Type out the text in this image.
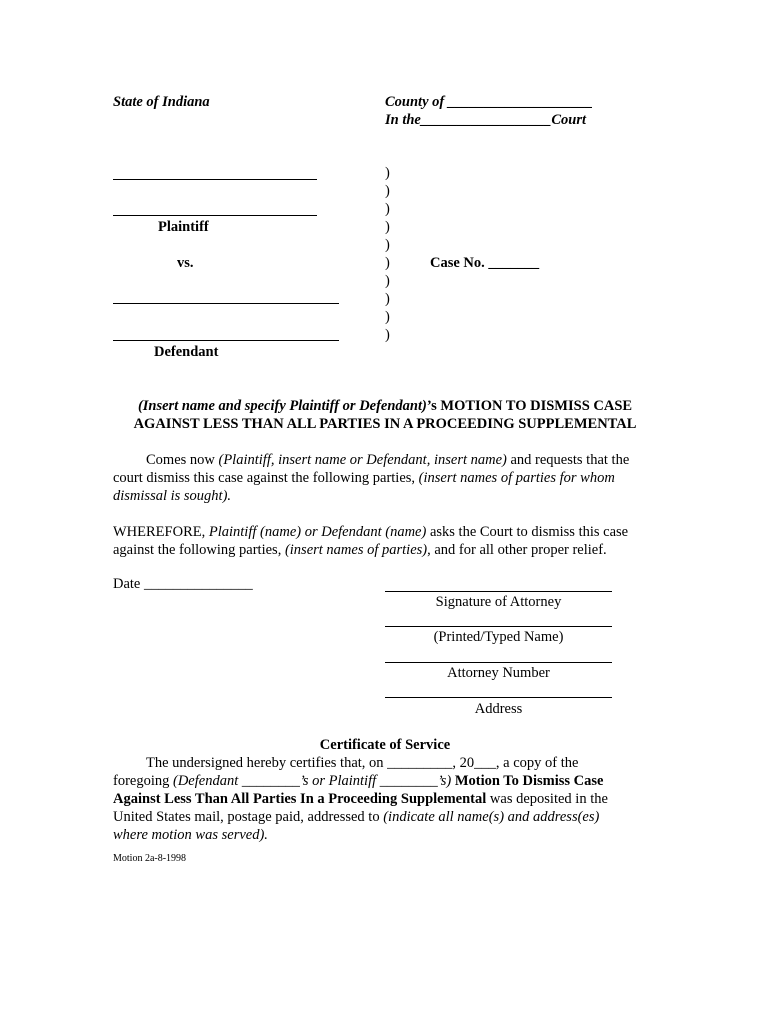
State of Indiana	County of ____________________
In the__________________Court
Plaintiff
vs.
Defendant
)
)
)
)
)
)
)
)
)
)
Case No. _______
(Insert name and specify Plaintiff or Defendant)’s MOTION TO DISMISS CASE
AGAINST LESS THAN ALL PARTIES IN A PROCEEDING SUPPLEMENTAL
Comes now (Plaintiff, insert name or Defendant, insert name) and requests that the court dismiss this case against the following parties, (insert names of parties for whom dismissal is sought).
WHEREFORE, Plaintiff (name) or Defendant (name) asks the Court to dismiss this case against the following parties, (insert names of parties), and for all other proper relief.
Date _______________
Signature of Attorney
(Printed/Typed Name)
Attorney Number
Address
Certificate of Service
The undersigned hereby certifies that, on _________, 20___, a copy of the foregoing (Defendant ________’s or Plaintiff ________’s) Motion To Dismiss Case Against Less Than All Parties In a Proceeding Supplemental was deposited in the United States mail, postage paid, addressed to (indicate all name(s) and address(es) where motion was served).
Motion 2a-8-1998
